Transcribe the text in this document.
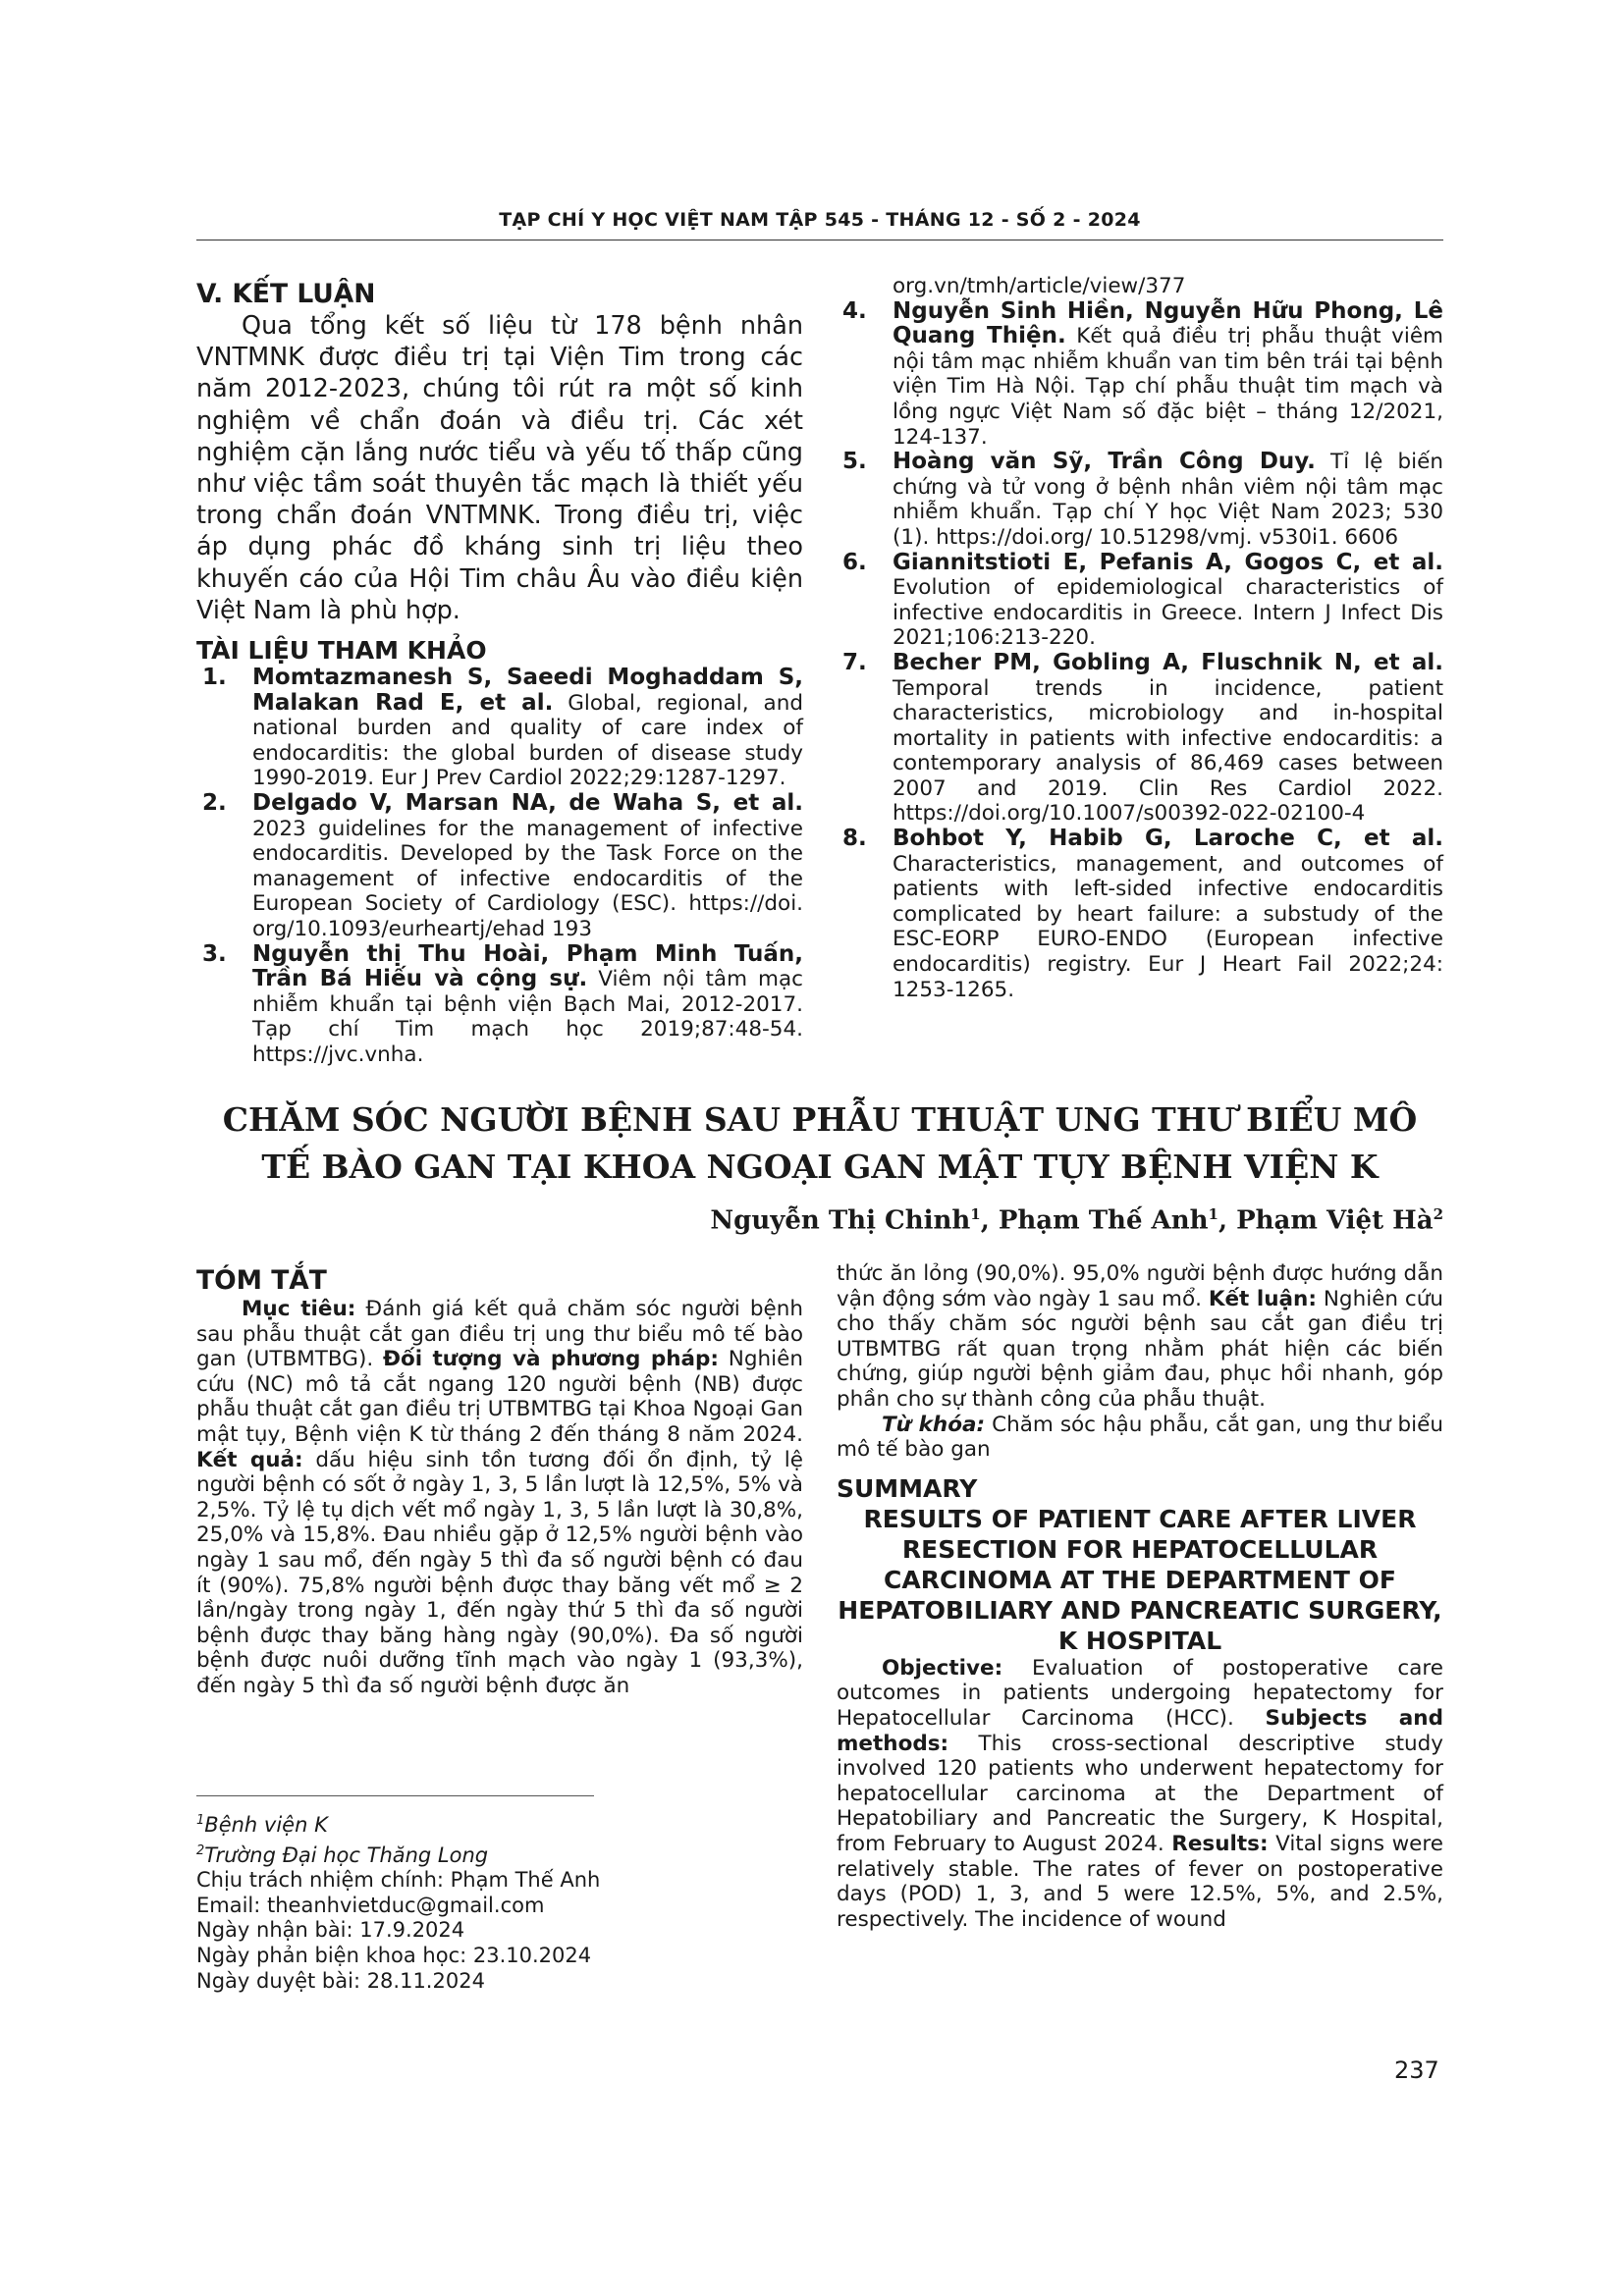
TẠP CHÍ Y HỌC VIỆT NAM TẬP 545 - THÁNG 12 - SỐ 2 - 2024
V. KẾT LUẬN
Qua tổng kết số liệu từ 178 bệnh nhân VNTMNK được điều trị tại Viện Tim trong các năm 2012-2023, chúng tôi rút ra một số kinh nghiệm về chẩn đoán và điều trị. Các xét nghiệm cặn lắng nước tiểu và yếu tố thấp cũng như việc tầm soát thuyên tắc mạch là thiết yếu trong chẩn đoán VNTMNK. Trong điều trị, việc áp dụng phác đồ kháng sinh trị liệu theo khuyến cáo của Hội Tim châu Âu vào điều kiện Việt Nam là phù hợp.
TÀI LIỆU THAM KHẢO
1. Momtazmanesh S, Saeedi Moghaddam S, Malakan Rad E, et al. Global, regional, and national burden and quality of care index of endocarditis: the global burden of disease study 1990-2019. Eur J Prev Cardiol 2022;29:1287-1297.
2. Delgado V, Marsan NA, de Waha S, et al. 2023 guidelines for the management of infective endocarditis. Developed by the Task Force on the management of infective endocarditis of the European Society of Cardiology (ESC). https://doi. org/10.1093/eurheartj/ehad 193
3. Nguyễn thị Thu Hoài, Phạm Minh Tuấn, Trần Bá Hiếu và cộng sự. Viêm nội tâm mạc nhiễm khuẩn tại bệnh viện Bạch Mai, 2012-2017. Tạp chí Tim mạch học 2019;87:48-54. https://jvc.vnha.
org.vn/tmh/article/view/377
4. Nguyễn Sinh Hiền, Nguyễn Hữu Phong, Lê Quang Thiện. Kết quả điều trị phẫu thuật viêm nội tâm mạc nhiễm khuẩn van tim bên trái tại bệnh viện Tim Hà Nội. Tạp chí phẫu thuật tim mạch và lồng ngực Việt Nam số đặc biệt – tháng 12/2021, 124-137.
5. Hoàng văn Sỹ, Trần Công Duy. Tỉ lệ biến chứng và tử vong ở bệnh nhân viêm nội tâm mạc nhiễm khuẩn. Tạp chí Y học Việt Nam 2023; 530 (1). https://doi.org/ 10.51298/vmj. v530i1. 6606
6. Giannitstioti E, Pefanis A, Gogos C, et al. Evolution of epidemiological characteristics of infective endocarditis in Greece. Intern J Infect Dis 2021;106:213-220.
7. Becher PM, Gobling A, Fluschnik N, et al. Temporal trends in incidence, patient characteristics, microbiology and in-hospital mortality in patients with infective endocarditis: a contemporary analysis of 86,469 cases between 2007 and 2019. Clin Res Cardiol 2022. https://doi.org/10.1007/s00392-022-02100-4
8. Bohbot Y, Habib G, Laroche C, et al. Characteristics, management, and outcomes of patients with left-sided infective endocarditis complicated by heart failure: a substudy of the ESC-EORP EURO-ENDO (European infective endocarditis) registry. Eur J Heart Fail 2022;24: 1253-1265.
CHĂM SÓC NGƯỜI BỆNH SAU PHẪU THUẬT UNG THƯ BIỂU MÔ
TẾ BÀO GAN TẠI KHOA NGOẠI GAN MẬT TỤY BỆNH VIỆN K
Nguyễn Thị Chinh$^1$, Phạm Thế Anh$^1$, Phạm Việt $Hà^2$
TÓM TẮT
Mục tiêu: Đánh giá kết quả chăm sóc người bệnh sau phẫu thuật cắt gan điều trị ung thư biểu mô tế bào gan (UTBMTBG). Đối tượng và phương pháp: Nghiên cứu (NC) mô tả cắt ngang 120 người bệnh (NB) được phẫu thuật cắt gan điều trị UTBMTBG tại Khoa Ngoại Gan mật tụy, Bệnh viện K từ tháng 2 đến tháng 8 năm 2024. Kết quả: dấu hiệu sinh tồn tương đối ổn định, tỷ lệ người bệnh có sốt ở ngày 1, 3, 5 lần lượt là 12,5%, 5% và 2,5%. Tỷ lệ tụ dịch vết mổ ngày 1, 3, 5 lần lượt là 30,8%, 25,0% và 15,8%. Đau nhiều gặp ở 12,5% người bệnh vào ngày 1 sau mổ, đến ngày 5 thì đa số người bệnh có đau ít (90%). 75,8% người bệnh được thay băng vết mổ ≥ 2 lần/ngày trong ngày 1, đến ngày thứ 5 thì đa số người bệnh được thay băng hàng ngày (90,0%). Đa số người bệnh được nuôi dưỡng tĩnh mạch vào ngày 1 (93,3%), đến ngày 5 thì đa số người bệnh được ăn
thức ăn lỏng (90,0%). 95,0% người bệnh được hướng dẫn vận động sớm vào ngày 1 sau mổ. Kết luận: Nghiên cứu cho thấy chăm sóc người bệnh sau cắt gan điều trị UTBMTBG rất quan trọng nhằm phát hiện các biến chứng, giúp người bệnh giảm đau, phục hồi nhanh, góp phần cho sự thành công của phẫu thuật.
Từ khóa: Chăm sóc hậu phẫu, cắt gan, ung thư biểu mô tế bào gan
SUMMARY
RESULTS OF PATIENT CARE AFTER LIVER RESECTION FOR HEPATOCELLULAR CARCINOMA AT THE DEPARTMENT OF HEPATOBILIARY AND PANCREATIC SURGERY, K HOSPITAL
Objective: Evaluation of postoperative care outcomes in patients undergoing hepatectomy for Hepatocellular Carcinoma (HCC). Subjects and methods: This cross-sectional descriptive study involved 120 patients who underwent hepatectomy for hepatocellular carcinoma at the Department of Hepatobiliary and Pancreatic the Surgery, K Hospital, from February to August 2024. Results: Vital signs were relatively stable. The rates of fever on postoperative days (POD) 1, 3, and 5 were 12.5%, 5%, and 2.5%, respectively. The incidence of wound
$^1$Bệnh viện K
$^2$Trường Đại học Thăng Long
Chịu trách nhiệm chính: Phạm Thế Anh
Email: theanhvietduc@gmail.com
Ngày nhận bài: 17.9.2024
Ngày phản biện khoa học: 23.10.2024
Ngày duyệt bài: 28.11.2024
237
